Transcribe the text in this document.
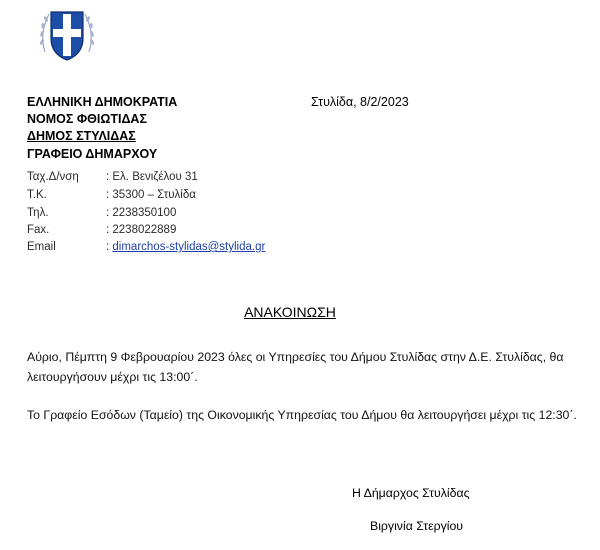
ΕΛΛΗΝΙΚΗ ΔΗΜΟΚΡΑΤΙΑ
ΝΟΜΟΣ ΦΘΙΩΤΙΔΑΣ
ΔΗΜΟΣ ΣΤΥΛΙΔΑΣ
ΓΡΑΦΕΙΟ ΔΗΜΑΡΧΟΥ
Στυλίδα, 8/2/2023
Ταχ.Δ/νση : Ελ. Βενιζέλου 31
Τ.Κ.	: 35300 – Στυλίδα
Τηλ.	: 2238350100
Fax.	: 2238022889
Email	: dimarchos-stylidas@stylida.gr
ΑΝΑΚΟΙΝΩΣΗ
Αύριο, Πέμπτη 9 Φεβρουαρίου 2023 όλες οι Υπηρεσίες του Δήμου Στυλίδας στην Δ.Ε. Στυλίδας, θα λειτουργήσουν μέχρι τις 13:00΄.
Το Γραφείο Εσόδων (Ταμείο) της Οικονομικής Υπηρεσίας του Δήμου θα λειτουργήσει μέχρι τις 12:30΄.
Η Δήμαρχος Στυλίδας
Βιργινία Στεργίου
